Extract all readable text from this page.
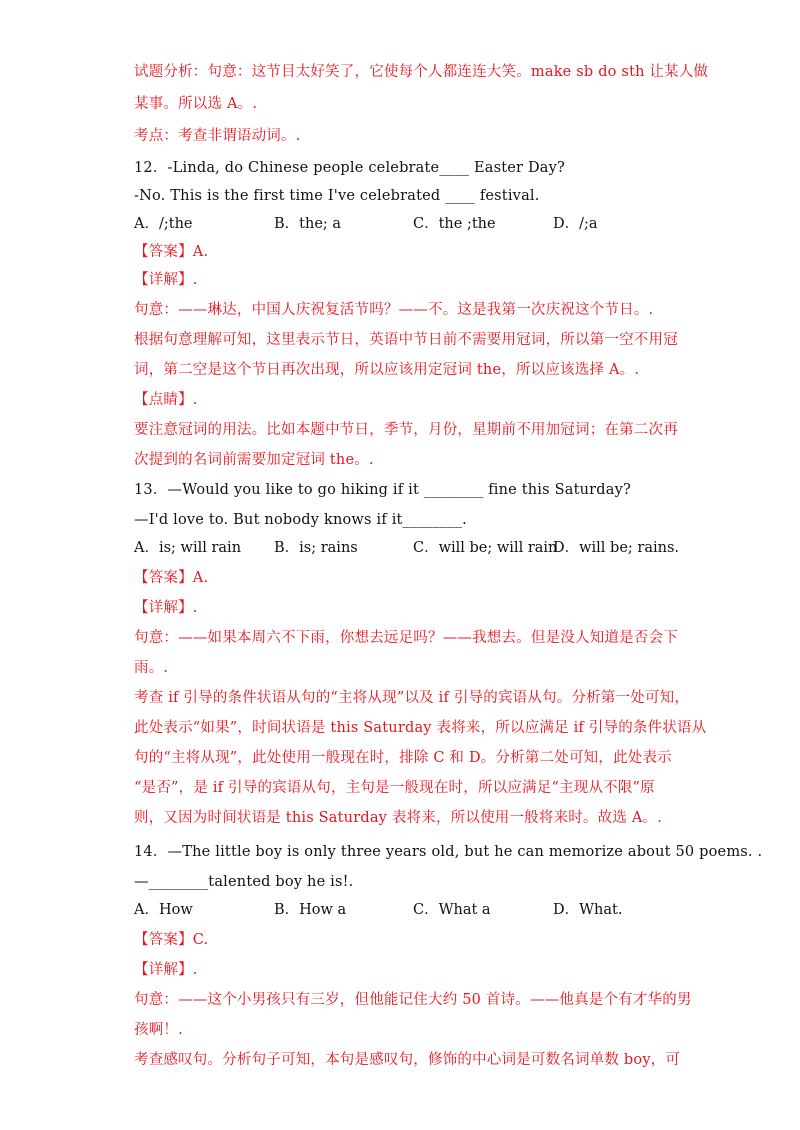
试题分析：句意：这节目太好笑了，它使每个人都连连大笑。make sb do sth 让某人做
某事。所以选 A。.
考点：考查非谓语动词。.
12．-Linda, do Chinese people celebrate____ Easter Day?
-No. This is the first time I've celebrated ____ festival.
A．/;the	B．the; a	C．the ;the	D．/;a
【答案】A.
【详解】.
句意：——琳达，中国人庆祝复活节吗？——不。这是我第一次庆祝这个节日。.
根据句意理解可知，这里表示节日，英语中节日前不需要用冠词，所以第一空不用冠
词，第二空是这个节日再次出现，所以应该用定冠词 the，所以应该选择 A。.
【点睛】.
要注意冠词的用法。比如本题中节日，季节，月份，星期前不用加冠词；在第二次再
次提到的名词前需要加定冠词 the。.
13．—Would you like to go hiking if it ________ fine this Saturday?
—I'd love to. But nobody knows if it________.
A．is; will rain B．is; rains	C．will be; will rain
D．will be; rains.
【答案】A.
【详解】.
句意：——如果本周六不下雨，你想去远足吗？——我想去。但是没人知道是否会下
雨。.
考查 if 引导的条件状语从句的“主将从现”以及 if 引导的宾语从句。分析第一处可知，
此处表示“如果”，时间状语是 this Saturday 表将来，所以应满足 if 引导的条件状语从
句的“主将从现”，此处使用一般现在时，排除 C 和 D。分析第二处可知，此处表示
“是否”，是 if 引导的宾语从句，主句是一般现在时，所以应满足“主现从不限”原
则，又因为时间状语是 this Saturday 表将来，所以使用一般将来时。故选 A。.
14．—The little boy is only three years old, but he can memorize about 50 poems. .
—________talented boy he is!.
A．How	B．How a	C．What a	D．What.
【答案】C.
【详解】.
句意：——这个小男孩只有三岁，但他能记住大约 50 首诗。——他真是个有才华的男
孩啊！.
考查感叹句。分析句子可知，本句是感叹句，修饰的中心词是可数名词单数 boy，可
